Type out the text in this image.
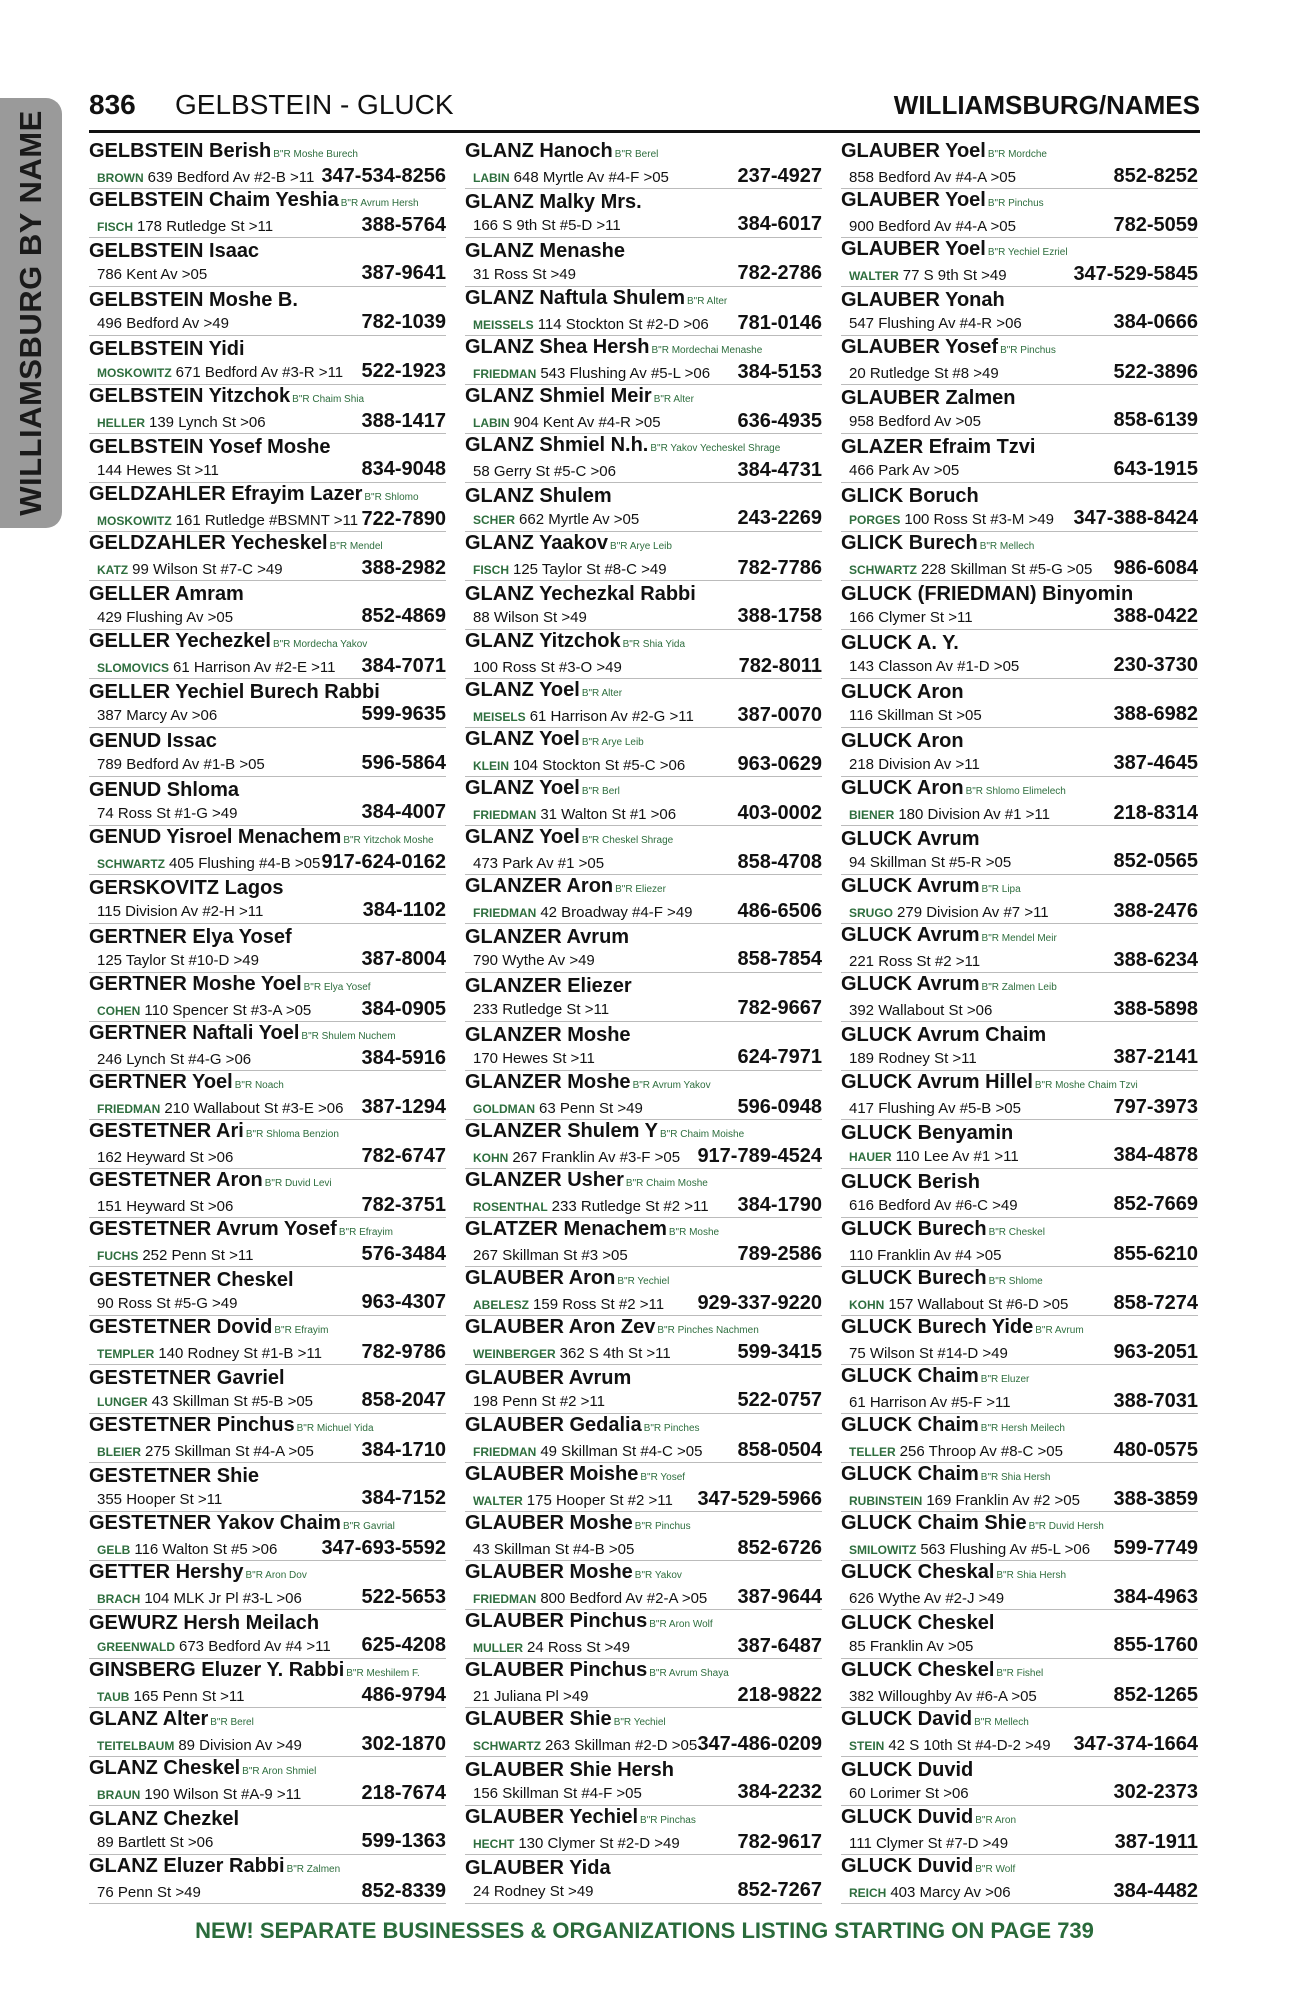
WILLIAMSBURG BY NAME
836 GELBSTEIN - GLUCK	WILLIAMSBURG/NAMES
GELBSTEIN Berish B"R Moshe Burech
BROWN 639 Bedford Av #2-B >11 347-534-8256
GELBSTEIN Chaim Yeshia B"R Avrum Hersh
FISCH 178 Rutledge St >11	388-5764
GELBSTEIN Isaac
786 Kent Av >05	387-9641
GELBSTEIN Moshe B.
496 Bedford Av >49	782-1039
GELBSTEIN Yidi
MOSKOWITZ 671 Bedford Av #3-R >11 522-1923
GELBSTEIN Yitzchok B"R Chaim Shia
HELLER 139 Lynch St >06	388-1417
GELBSTEIN Yosef Moshe
144 Hewes St >11	834-9048
GELDZAHLER Efrayim Lazer B"R Shlomo
MOSKOWITZ 161 Rutledge #BSMNT >11 722-7890
GELDZAHLER Yecheskel B"R Mendel
KATZ 99 Wilson St #7-C >49	388-2982
GELLER Amram
429 Flushing Av >05	852-4869
GELLER Yechezkel B"R Mordecha Yakov
SLOMOVICS 61 Harrison Av #2-E >11 384-7071
GELLER Yechiel Burech Rabbi
387 Marcy Av >06	599-9635
GENUD Issac
789 Bedford Av #1-B >05	596-5864
GENUD Shloma
74 Ross St #1-G >49	384-4007
GENUD Yisroel Menachem B"R Yitzchok Moshe
SCHWARTZ 405 Flushing #4-B >05 917-624-0162
GERSKOVITZ Lagos
115 Division Av #2-H >11	384-1102
GERTNER Elya Yosef
125 Taylor St #10-D >49	387-8004
GERTNER Moshe Yoel B"R Elya Yosef
COHEN 110 Spencer St #3-A >05	384-0905
GERTNER Naftali Yoel B"R Shulem Nuchem
246 Lynch St #4-G >06	384-5916
GERTNER Yoel B"R Noach
FRIEDMAN 210 Wallabout St #3-E >06 387-1294
GESTETNER Ari B"R Shloma Benzion
162 Heyward St >06	782-6747
GESTETNER Aron B"R Duvid Levi
151 Heyward St >06	782-3751
GESTETNER Avrum Yosef B"R Efrayim
FUCHS 252 Penn St >11	576-3484
GESTETNER Cheskel
90 Ross St #5-G >49	963-4307
GESTETNER Dovid B"R Efrayim
TEMPLER 140 Rodney St #1-B >11 782-9786
GESTETNER Gavriel
LUNGER 43 Skillman St #5-B >05 858-2047
GESTETNER Pinchus B"R Michuel Yida
BLEIER 275 Skillman St #4-A >05 384-1710
GESTETNER Shie
355 Hooper St >11	384-7152
GESTETNER Yakov Chaim B"R Gavrial
GELB 116 Walton St #5 >06 347-693-5592
GETTER Hershy B"R Aron Dov
BRACH 104 MLK Jr Pl #3-L >06	522-5653
GEWURZ Hersh Meilach
GREENWALD 673 Bedford Av #4 >11 625-4208
GINSBERG Eluzer Y. Rabbi B"R Meshilem F.
TAUB 165 Penn St >11	486-9794
GLANZ Alter B"R Berel
TEITELBAUM 89 Division Av >49	302-1870
GLANZ Cheskel B"R Aron Shmiel
BRAUN 190 Wilson St #A-9 >11	218-7674
GLANZ Chezkel
89 Bartlett St >06	599-1363
GLANZ Eluzer Rabbi B"R Zalmen
76 Penn St >49	852-8339
GLANZ Hanoch B"R Berel
LABIN 648 Myrtle Av #4-F >05	237-4927
GLANZ Malky Mrs.
166 S 9th St #5-D >11	384-6017
GLANZ Menashe
31 Ross St >49	782-2786
GLANZ Naftula Shulem B"R Alter
MEISSELS 114 Stockton St #2-D >06 781-0146
GLANZ Shea Hersh B"R Mordechai Menashe
FRIEDMAN 543 Flushing Av #5-L >06 384-5153
GLANZ Shmiel Meir B"R Alter
LABIN 904 Kent Av #4-R >05	636-4935
GLANZ Shmiel N.h. B"R Yakov Yecheskel Shrage
58 Gerry St #5-C >06	384-4731
GLANZ Shulem
SCHER 662 Myrtle Av >05	243-2269
GLANZ Yaakov B"R Arye Leib
FISCH 125 Taylor St #8-C >49	782-7786
GLANZ Yechezkal Rabbi
88 Wilson St >49	388-1758
GLANZ Yitzchok B"R Shia Yida
100 Ross St #3-O >49	782-8011
GLANZ Yoel B"R Alter
MEISELS 61 Harrison Av #2-G >11 387-0070
GLANZ Yoel B"R Arye Leib
KLEIN 104 Stockton St #5-C >06	963-0629
GLANZ Yoel B"R Berl
FRIEDMAN 31 Walton St #1 >06	403-0002
GLANZ Yoel B"R Cheskel Shrage
473 Park Av #1 >05	858-4708
GLANZER Aron B"R Eliezer
FRIEDMAN 42 Broadway #4-F >49 486-6506
GLANZER Avrum
790 Wythe Av >49	858-7854
GLANZER Eliezer
233 Rutledge St >11	782-9667
GLANZER Moshe
170 Hewes St >11	624-7971
GLANZER Moshe B"R Avrum Yakov
GOLDMAN 63 Penn St >49	596-0948
GLANZER Shulem Y B"R Chaim Moishe
KOHN 267 Franklin Av #3-F >05 917-789-4524
GLANZER Usher B"R Chaim Moshe
ROSENTHAL 233 Rutledge St #2 >11 384-1790
GLATZER Menachem B"R Moshe
267 Skillman St #3 >05	789-2586
GLAUBER Aron B"R Yechiel
ABELESZ 159 Ross St #2 >11 929-337-9220
GLAUBER Aron Zev B"R Pinches Nachmen
WEINBERGER 362 S 4th St >11	599-3415
GLAUBER Avrum
198 Penn St #2 >11	522-0757
GLAUBER Gedalia B"R Pinches
FRIEDMAN 49 Skillman St #4-C >05 858-0504
GLAUBER Moishe B"R Yosef
WALTER 175 Hooper St #2 >11 347-529-5966
GLAUBER Moshe B"R Pinchus
43 Skillman St #4-B >05	852-6726
GLAUBER Moshe B"R Yakov
FRIEDMAN 800 Bedford Av #2-A >05 387-9644
GLAUBER Pinchus B"R Aron Wolf
MULLER 24 Ross St >49	387-6487
GLAUBER Pinchus B"R Avrum Shaya
21 Juliana Pl >49	218-9822
GLAUBER Shie B"R Yechiel
SCHWARTZ 263 Skillman #2-D >05 347-486-0209
GLAUBER Shie Hersh
156 Skillman St #4-F >05	384-2232
GLAUBER Yechiel B"R Pinchas
HECHT 130 Clymer St #2-D >49	782-9617
GLAUBER Yida
24 Rodney St >49	852-7267
GLAUBER Yoel B"R Mordche
858 Bedford Av #4-A >05	852-8252
GLAUBER Yoel B"R Pinchus
900 Bedford Av #4-A >05	782-5059
GLAUBER Yoel B"R Yechiel Ezriel
WALTER 77 S 9th St >49	347-529-5845
GLAUBER Yonah
547 Flushing Av #4-R >06	384-0666
GLAUBER Yosef B"R Pinchus
20 Rutledge St #8 >49	522-3896
GLAUBER Zalmen
958 Bedford Av >05	858-6139
GLAZER Efraim Tzvi
466 Park Av >05	643-1915
GLICK Boruch
PORGES 100 Ross St #3-M >49 347-388-8424
GLICK Burech B"R Mellech
SCHWARTZ 228 Skillman St #5-G >05 986-6084
GLUCK (FRIEDMAN) Binyomin
166 Clymer St >11	388-0422
GLUCK A. Y.
143 Classon Av #1-D >05	230-3730
GLUCK Aron
116 Skillman St >05	388-6982
GLUCK Aron
218 Division Av >11	387-4645
GLUCK Aron B"R Shlomo Elimelech
BIENER 180 Division Av #1 >11	218-8314
GLUCK Avrum
94 Skillman St #5-R >05	852-0565
GLUCK Avrum B"R Lipa
SRUGO 279 Division Av #7 >11	388-2476
GLUCK Avrum B"R Mendel Meir
221 Ross St #2 >11	388-6234
GLUCK Avrum B"R Zalmen Leib
392 Wallabout St >06	388-5898
GLUCK Avrum Chaim
189 Rodney St >11	387-2141
GLUCK Avrum Hillel B"R Moshe Chaim Tzvi
417 Flushing Av #5-B >05	797-3973
GLUCK Benyamin
HAUER 110 Lee Av #1 >11	384-4878
GLUCK Berish
616 Bedford Av #6-C >49	852-7669
GLUCK Burech B"R Cheskel
110 Franklin Av #4 >05	855-6210
GLUCK Burech B"R Shlome
KOHN 157 Wallabout St #6-D >05 858-7274
GLUCK Burech Yide B"R Avrum
75 Wilson St #14-D >49	963-2051
GLUCK Chaim B"R Eluzer
61 Harrison Av #5-F >11	388-7031
GLUCK Chaim B"R Hersh Meilech
TELLER 256 Throop Av #8-C >05	480-0575
GLUCK Chaim B"R Shia Hersh
RUBINSTEIN 169 Franklin Av #2 >05 388-3859
GLUCK Chaim Shie B"R Duvid Hersh
SMILOWITZ 563 Flushing Av #5-L >06 599-7749
GLUCK Cheskal B"R Shia Hersh
626 Wythe Av #2-J >49	384-4963
GLUCK Cheskel
85 Franklin Av >05	855-1760
GLUCK Cheskel B"R Fishel
382 Willoughby Av #6-A >05	852-1265
GLUCK David B"R Mellech
STEIN 42 S 10th St #4-D-2 >49 347-374-1664
GLUCK Duvid
60 Lorimer St >06	302-2373
GLUCK Duvid B"R Aron
111 Clymer St #7-D >49	387-1911
GLUCK Duvid B"R Wolf
REICH 403 Marcy Av >06	384-4482
NEW! SEPARATE BUSINESSES & ORGANIZATIONS LISTING STARTING ON PAGE 739
